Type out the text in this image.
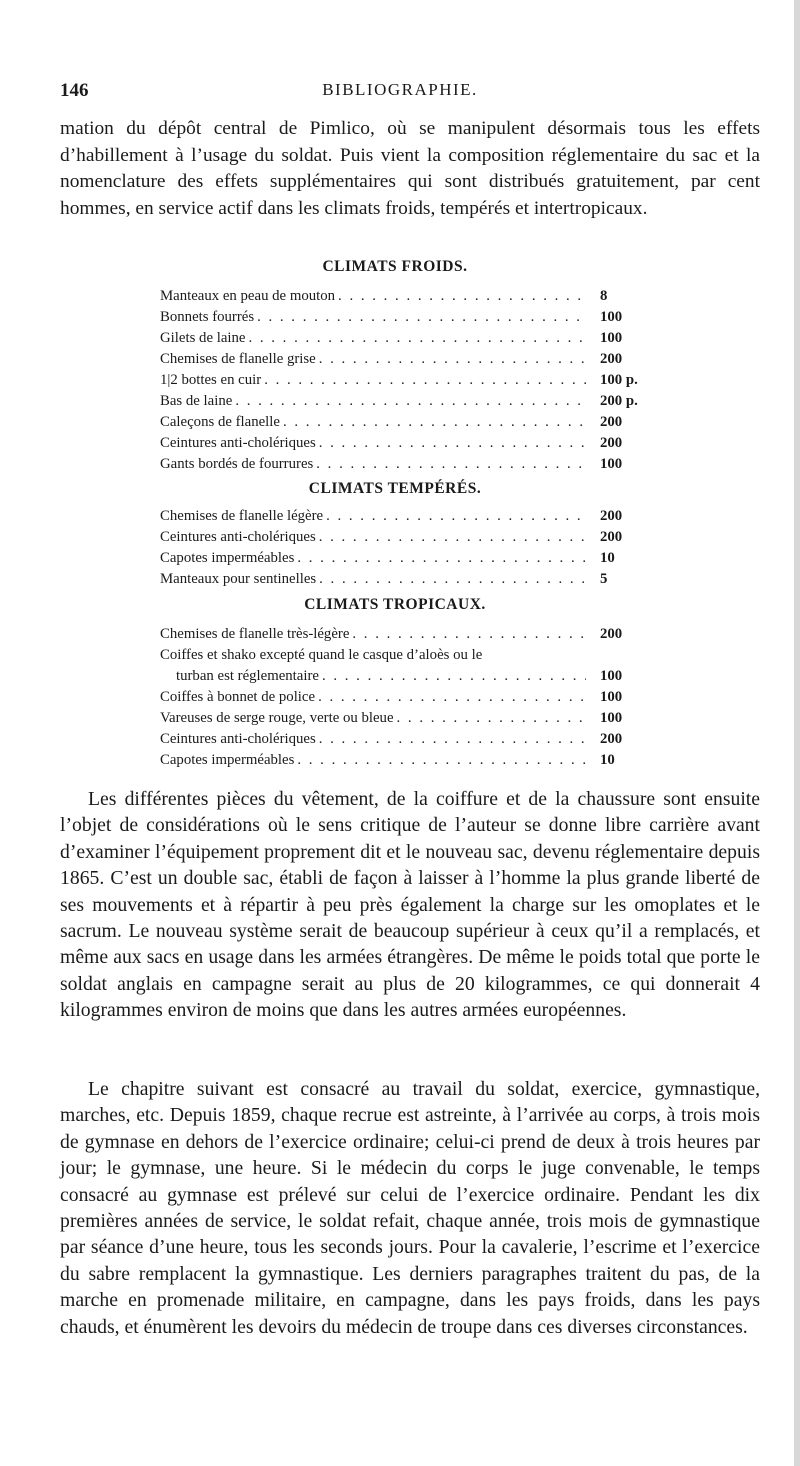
146	BIBLIOGRAPHIE.

mation du dépôt central de Pimlico, où se manipulent désormais tous les effets d’habillement à l’usage du soldat. Puis vient la composition réglementaire du sac et la nomenclature des effets supplémentaires qui sont distribués gratuitement, par cent hommes, en service actif dans les climats froids, tempérés et intertropicaux.

CLIMATS FROIDS.
Manteaux en peau de mouton . . .	8
Bonnets fourrés . . .	100
Gilets de laine . . .	100
Chemises de flanelle grise . . .	200
1|2 bottes en cuir . . .	100 p.
Bas de laine . . .	200 p.
Caleçons de flanelle . . .	200
Ceintures anti-cholériques . . .	200
Gants bordés de fourrures . . .	100
CLIMATS TEMPÉRÉS.
Chemises de flanelle légère . . .	200
Ceintures anti-cholériques . . .	200
Capotes imperméables . . .	10
Manteaux pour sentinelles . . .	5
CLIMATS TROPICAUX.
Chemises de flanelle très-légère . . .	200
Coiffes et shako excepté quand le casque d’aloès ou le
turban est réglementaire . . .	100
Coiffes à bonnet de police . . .	100
Vareuses de serge rouge, verte ou bleue . . .	100
Ceintures anti-cholériques . . .	200
Capotes imperméables . . .	10

Les différentes pièces du vêtement, de la coiffure et de la chaussure sont ensuite l’objet de considérations où le sens critique de l’auteur se donne libre carrière avant d’examiner l’équipement proprement dit et le nouveau sac, devenu réglementaire depuis 1865. C’est un double sac, établi de façon à laisser à l’homme la plus grande liberté de ses mouvements et à répartir à peu près également la charge sur les omoplates et le sacrum. Le nouveau système serait de beaucoup supérieur à ceux qu’il a remplacés, et même aux sacs en usage dans les armées étrangères. De même le poids total que porte le soldat anglais en campagne serait au plus de 20 kilogrammes, ce qui donnerait 4 kilogrammes environ de moins que dans les autres armées européennes.

Le chapitre suivant est consacré au travail du soldat, exercice, gymnastique, marches, etc. Depuis 1859, chaque recrue est astreinte, à l’arrivée au corps, à trois mois de gymnase en dehors de l’exercice ordinaire; celui-ci prend de deux à trois heures par jour; le gymnase, une heure. Si le médecin du corps le juge convenable, le temps consacré au gymnase est prélevé sur celui de l’exercice ordinaire. Pendant les dix premières années de service, le soldat refait, chaque année, trois mois de gymnastique par séance d’une heure, tous les seconds jours. Pour la cavalerie, l’escrime et l’exercice du sabre remplacent la gymnastique. Les derniers paragraphes traitent du pas, de la marche en promenade militaire, en campagne, dans les pays froids, dans les pays chauds, et énumèrent les devoirs du médecin de troupe dans ces diverses circonstances.
